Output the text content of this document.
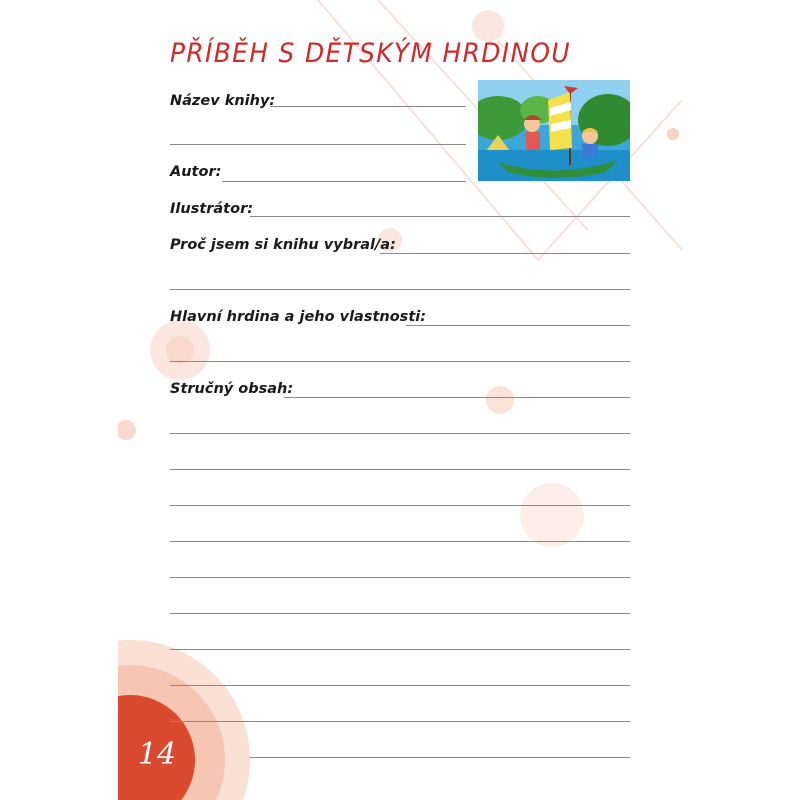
PŘÍBĚH S DĚTSKÝM HRDINOU
Název knihy:
Autor:
Ilustrátor:
Proč jsem si knihu vybral/a:
Hlavní hrdina a jeho vlastnosti:
Stručný obsah:
14
